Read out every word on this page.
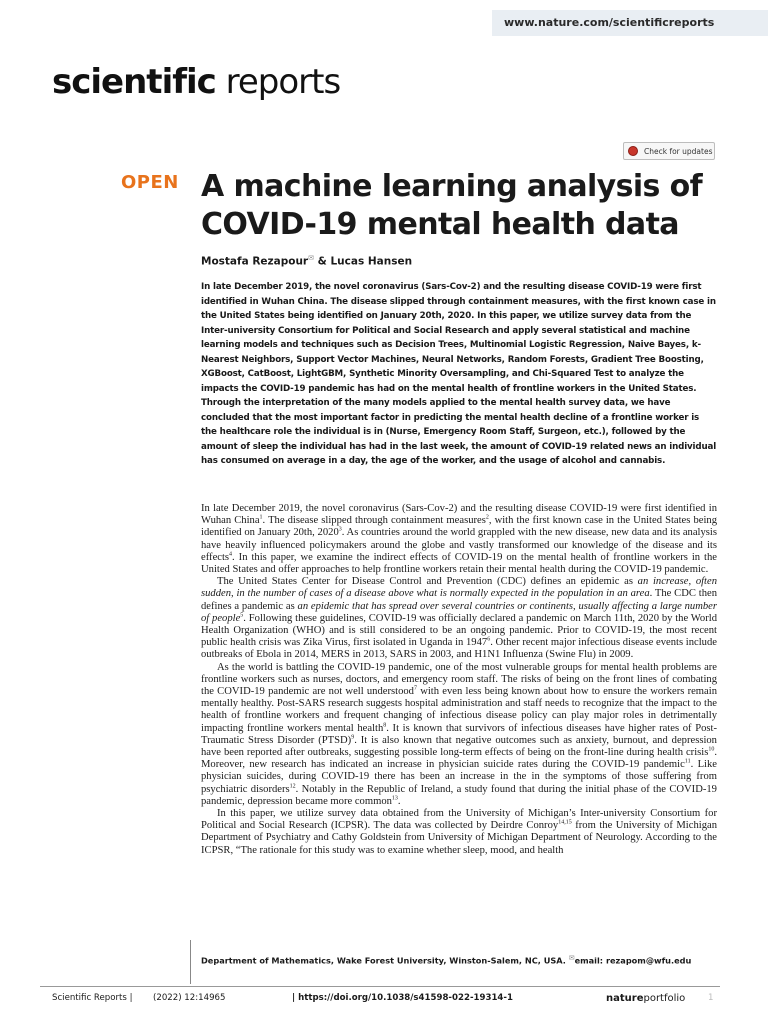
www.nature.com/scientificreports
scientific reports
Check for updates
OPEN A machine learning analysis of COVID-19 mental health data
Mostafa Rezapour✉ & Lucas Hansen

In late December 2019, the novel coronavirus (Sars-Cov-2) and the resulting disease COVID-19 were first identified in Wuhan China. The disease slipped through containment measures, with the first known case in the United States being identified on January 20th, 2020. In this paper, we utilize survey data from the Inter-university Consortium for Political and Social Research and apply several statistical and machine learning models and techniques such as Decision Trees, Multinomial Logistic Regression, Naive Bayes, k-Nearest Neighbors, Support Vector Machines, Neural Networks, Random Forests, Gradient Tree Boosting, XGBoost, CatBoost, LightGBM, Synthetic Minority Oversampling, and Chi-Squared Test to analyze the impacts the COVID-19 pandemic has had on the mental health of frontline workers in the United States. Through the interpretation of the many models applied to the mental health survey data, we have concluded that the most important factor in predicting the mental health decline of a frontline worker is the healthcare role the individual is in (Nurse, Emergency Room Staff, Surgeon, etc.), followed by the amount of sleep the individual has had in the last week, the amount of COVID-19 related news an individual has consumed on average in a day, the age of the worker, and the usage of alcohol and cannabis.

In late December 2019, the novel coronavirus (Sars-Cov-2) and the resulting disease COVID-19 were first identified in Wuhan China$^1$. The disease slipped through containment measures$^2$, with the first known case in the United States being identified on January 20th, 2020$^3$. As countries around the world grappled with the new disease, new data and its analysis have heavily influenced policymakers around the globe and vastly transformed our knowledge of the disease and its effects$^4$. In this paper, we examine the indirect effects of COVID-19 on the mental health of frontline workers in the United States and offer approaches to help frontline workers retain their mental health during the COVID-19 pandemic.

The United States Center for Disease Control and Prevention (CDC) defines an epidemic as an increase, often sudden, in the number of cases of a disease above what is normally expected in the population in an area. The CDC then defines a pandemic as an epidemic that has spread over several countries or continents, usually affecting a large number of people$^5$. Following these guidelines, COVID-19 was officially declared a pandemic on March 11th, 2020 by the World Health Organization (WHO) and is still considered to be an ongoing pandemic. Prior to COVID-19, the most recent public health crisis was Zika Virus, first isolated in Uganda in 1947$^6$. Other recent major infectious disease events include outbreaks of Ebola in 2014, MERS in 2013, SARS in 2003, and H1N1 Influenza (Swine Flu) in 2009.

As the world is battling the COVID-19 pandemic, one of the most vulnerable groups for mental health problems are frontline workers such as nurses, doctors, and emergency room staff. The risks of being on the front lines of combating the COVID-19 pandemic are not well understood$^7$ with even less being known about how to ensure the workers remain mentally healthy. Post-SARS research suggests hospital administration and staff needs to recognize that the impact to the health of frontline workers and frequent changing of infectious disease policy can play major roles in detrimentally impacting frontline workers mental health$^8$. It is known that survivors of infectious diseases have higher rates of Post-Traumatic Stress Disorder (PTSD)$^9$. It is also known that negative outcomes such as anxiety, burnout, and depression have been reported after outbreaks, suggesting possible long-term effects of being on the front-line during health crisis$^{10}$. Moreover, new research has indicated an increase in physician suicide rates during the COVID-19 pandemic$^{11}$. Like physician suicides, during COVID-19 there has been an increase in the in the symptoms of those suffering from psychiatric disorders$^{12}$. Notably in the Republic of Ireland, a study found that during the initial phase of the COVID-19 pandemic, depression became more common$^{13}$.

In this paper, we utilize survey data obtained from the University of Michigan’s Inter-university Consortium for Political and Social Research (ICPSR). The data was collected by Deirdre Conroy$^{14,15}$ from the University of Michigan Department of Psychiatry and Cathy Goldstein from University of Michigan Department of Neurology. According to the ICPSR, “The rationale for this study was to examine whether sleep, mood, and health

Department of Mathematics, Wake Forest University, Winston-Salem, NC, USA. ✉email: rezapom@wfu.edu
Scientific Reports | (2022) 12:14965	| https://doi.org/10.1038/s41598-022-19314-1	natureportfolio	1
